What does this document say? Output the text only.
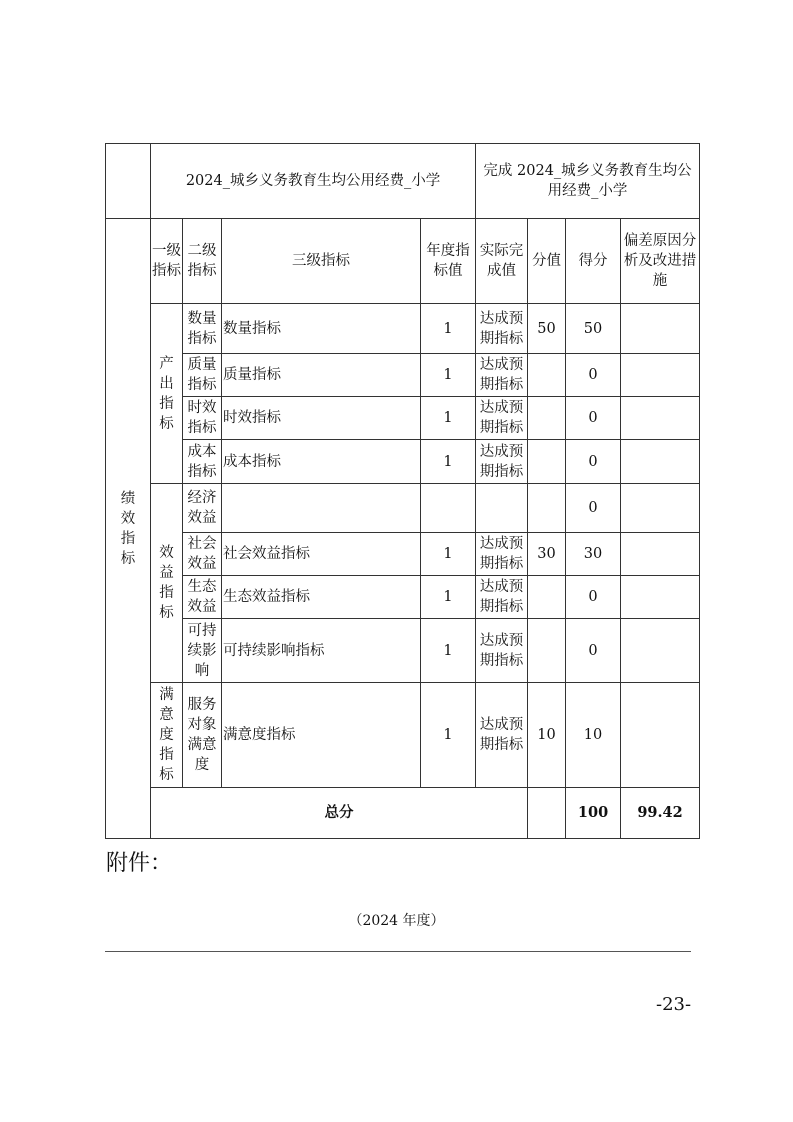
	2024_城乡义务教育生均公用经费_小学				完成 2024_城乡义务教育生均公用经费_小学				
绩效指标	一级指标	二级指标	三级指标	年度指标值	实际完成值	分值	得分	偏差原因分析及改进措施	
	产出指标	数量指标	数量指标	1	达成预期指标	50	50		
		质量指标	质量指标	1	达成预期指标		0		
		时效指标	时效指标	1	达成预期指标		0		
		成本指标	成本指标	1	达成预期指标		0		
	效益指标	经济效益					0		
		社会效益	社会效益指标	1	达成预期指标	30	30		
		生态效益	生态效益指标	1	达成预期指标		0		
		可持续影响	可持续影响指标	1	达成预期指标		0		
	满意度指标	服务对象满意度	满意度指标	1	达成预期指标	10	10		
	总分						100	99.42	
附件：
（2024 年度）
-23-
